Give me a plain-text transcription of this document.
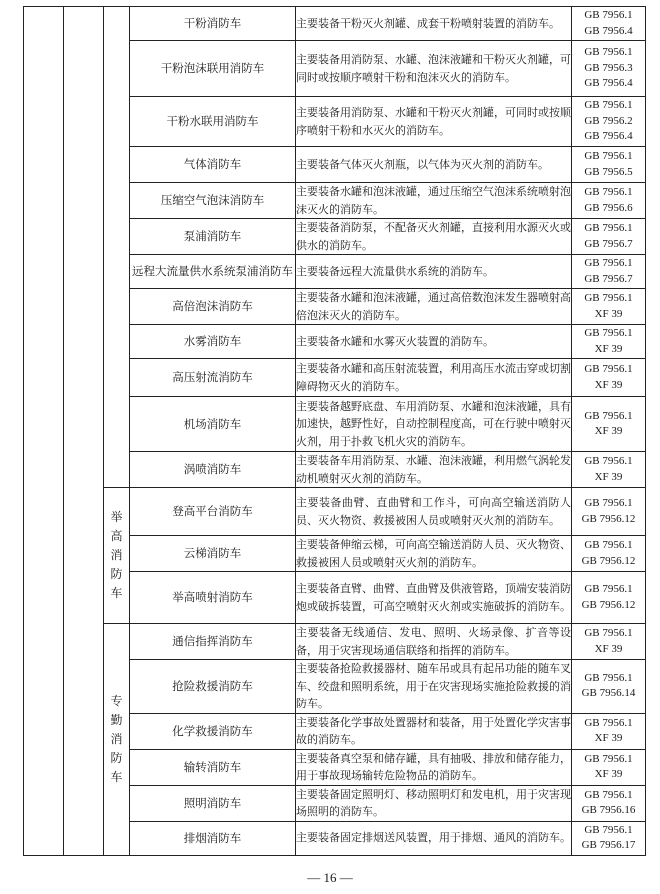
			干粉消防车	主要装备干粉灭火剂罐、成套干粉喷射装置的消防车。	GB 7956.1
GB 7956.4

			干粉泡沫联用消防车	主要装备用消防泵、水罐、泡沫液罐和干粉灭火剂罐，可同时或按顺序喷射干粉和泡沫灭火的消防车。	GB 7956.1
GB 7956.3
GB 7956.4

			干粉水联用消防车	主要装备用消防泵、水罐和干粉灭火剂罐，可同时或按顺序喷射干粉和水灭火的消防车。	GB 7956.1
GB 7956.2
GB 7956.4

			气体消防车	主要装备气体灭火剂瓶，以气体为灭火剂的消防车。	GB 7956.1
GB 7956.5

			压缩空气泡沫消防车	主要装备水罐和泡沫液罐，通过压缩空气泡沫系统喷射泡沫灭火的消防车。	GB 7956.1
GB 7956.6

			泵浦消防车	主要装备消防泵，不配备灭火剂罐，直接利用水源灭火或供水的消防车。	GB 7956.1
GB 7956.7

			远程大流量供水系统泵浦消防车	主要装备远程大流量供水系统的消防车。	GB 7956.1
GB 7956.7

			高倍泡沫消防车	主要装备水罐和泡沫液罐，通过高倍数泡沫发生器喷射高倍泡沫灭火的消防车。	GB 7956.1
XF 39

			水雾消防车	主要装备水罐和水雾灭火装置的消防车。	GB 7956.1
XF 39

			高压射流消防车	主要装备水罐和高压射流装置，利用高压水流击穿或切割障碍物灭火的消防车。	GB 7956.1
XF 39

			机场消防车	主要装备越野底盘、车用消防泵、水罐和泡沫液罐，具有加速快，越野性好，自动控制程度高，可在行驶中喷射灭火剂，用于扑救飞机火灾的消防车。	GB 7956.1
XF 39

			涡喷消防车	主要装备车用消防泵、水罐、泡沫液罐，利用燃气涡轮发动机喷射灭火剂的消防车。	GB 7956.1
XF 39

		举
高
消
防
车	登高平台消防车	主要装备曲臂、直曲臂和工作斗，可向高空输送消防人员、灭火物资、救援被困人员或喷射灭火剂的消防车。	GB 7956.1
GB 7956.12

			云梯消防车	主要装备伸缩云梯，可向高空输送消防人员、灭火物资、救援被困人员或喷射灭火剂的消防车。	GB 7956.1
GB 7956.12

			举高喷射消防车	主要装备直臂、曲臂、直曲臂及供液管路，顶端安装消防炮或破拆装置，可高空喷射灭火剂或实施破拆的消防车。	GB 7956.1
GB 7956.12

		专
勤
消
防
车	通信指挥消防车	主要装备无线通信、发电、照明、火场录像、扩音等设备，用于灾害现场通信联络和指挥的消防车。	GB 7956.1
XF 39

			抢险救援消防车	主要装备抢险救援器材、随车吊或具有起吊功能的随车叉车、绞盘和照明系统，用于在灾害现场实施抢险救援的消防车。	GB 7956.1
GB 7956.14

			化学救援消防车	主要装备化学事故处置器材和装备，用于处置化学灾害事故的消防车。	GB 7956.1
XF 39

			输转消防车	主要装备真空泵和储存罐，具有抽吸、排放和储存能力，用于事故现场输转危险物品的消防车。	GB 7956.1
XF 39

			照明消防车	主要装备固定照明灯、移动照明灯和发电机，用于灾害现场照明的消防车。	GB 7956.1
GB 7956.16

			排烟消防车	主要装备固定排烟送风装置，用于排烟、通风的消防车。	GB 7956.1
GB 7956.17
— 16 —
